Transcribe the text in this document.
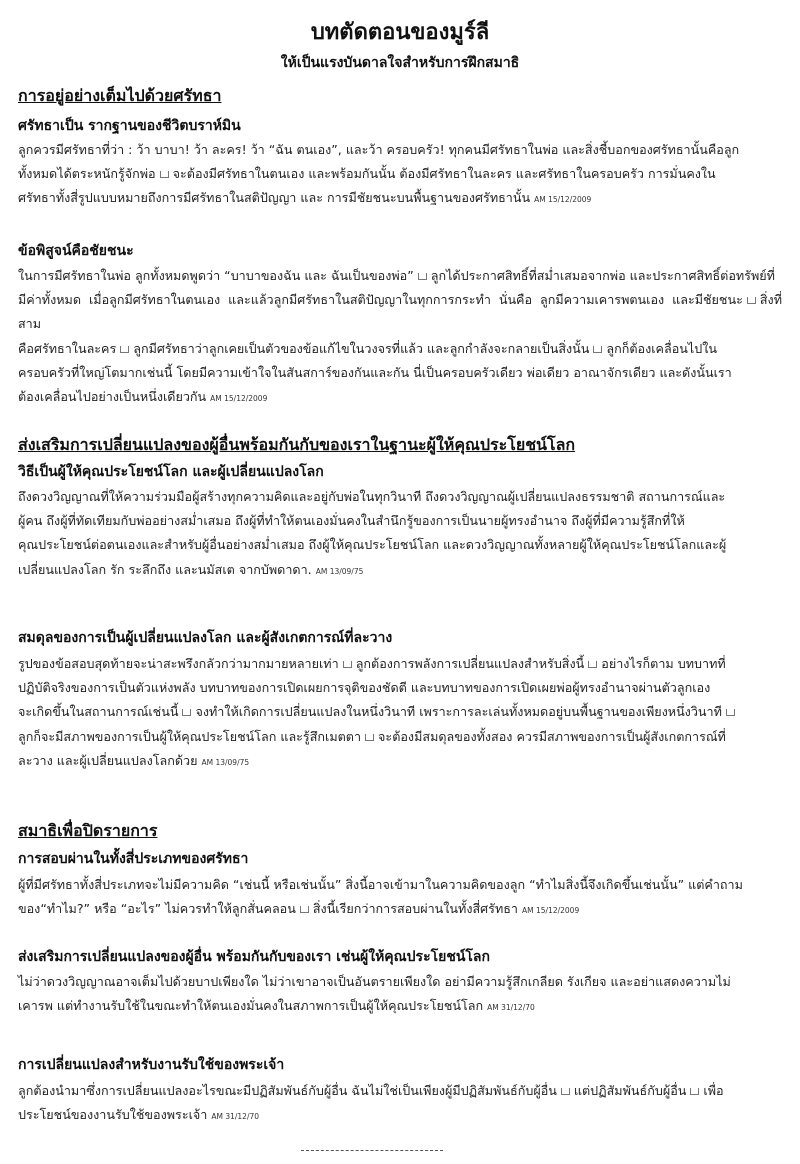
บทตัดตอนของมูร์ลี
ให้เป็นแรงบันดาลใจสำหรับการฝึกสมาธิ
การอยู่อย่างเต็มไปด้วยศรัทธา
ศรัทธาเป็น รากฐานของชีวิตบราห์มิน
ลูกควรมีศรัทธาที่ว่า : ว้า บาบา! ว้า ละคร! ว้า “ฉัน ตนเอง”, และว้า ครอบครัว! ทุกคนมีศรัทธาในพ่อ และสิ่งชี้บอกของศรัทธานั้นคือลูก
ทั้งหมดได้ตระหนักรู้จักพ่อ จะต้องมีศรัทธาในตนเอง และพร้อมกันนั้น ต้องมีศรัทธาในละคร และศรัทธาในครอบครัว การมั่นคงใน
ศรัทธาทั้งสี่รูปแบบหมายถึงการมีศรัทธาในสติปัญญา และ การมีชัยชนะบนพื้นฐานของศรัทธานั้น AM 15/12/2009
ข้อพิสูจน์คือชัยชนะ
ในการมีศรัทธาในพ่อ ลูกทั้งหมดพูดว่า “บาบาของฉัน และ ฉันเป็นของพ่อ” ลูกได้ประกาศสิทธิ์ที่สม่ำเสมอจากพ่อ และประกาศสิทธิ์ต่อทรัพย์ที่
มีค่าทั้งหมด เมื่อลูกมีศรัทธาในตนเอง และแล้วลูกมีศรัทธาในสติปัญญาในทุกการกระทำ นั่นคือ ลูกมีความเคารพตนเอง และมีชัยชนะ สิ่งที่สาม
คือศรัทธาในละคร ลูกมีศรัทธาว่าลูกเคยเป็นตัวของข้อแก้ไขในวงจรที่แล้ว และลูกกำลังจะกลายเป็นสิ่งนั้น ลูกก็ต้องเคลื่อนไปใน
ครอบครัวที่ใหญ่โตมากเช่นนี้ โดยมีความเข้าใจในสันสการ์ของกันและกัน นี่เป็นครอบครัวเดียว พ่อเดียว อาณาจักรเดียว และดังนั้นเรา
ต้องเคลื่อนไปอย่างเป็นหนึ่งเดียวกัน AM 15/12/2009
ส่งเสริมการเปลี่ยนแปลงของผู้อื่นพร้อมกันกับของเราในฐานะผู้ให้คุณประโยชน์โลก
วิธีเป็นผู้ให้คุณประโยชน์โลก และผู้เปลี่ยนแปลงโลก
ถึงดวงวิญญาณที่ให้ความร่วมมือผู้สร้างทุกความคิดและอยู่กับพ่อในทุกวินาที ถึงดวงวิญญาณผู้เปลี่ยนแปลงธรรมชาติ สถานการณ์และ
ผู้คน ถึงผู้ที่ทัดเทียมกับพ่ออย่างสม่ำเสมอ ถึงผู้ที่ทำให้ตนเองมั่นคงในสำนึกรู้ของการเป็นนายผู้ทรงอำนาจ ถึงผู้ที่มีความรู้สึกที่ให้
คุณประโยชน์ต่อตนเองและสำหรับผู้อื่นอย่างสม่ำเสมอ ถึงผู้ให้คุณประโยชน์โลก และดวงวิญญาณทั้งหลายผู้ให้คุณประโยชน์โลกและผู้
เปลี่ยนแปลงโลก รัก ระลึกถึง และนมัสเต จากบัพดาดา. AM 13/09/75
สมดุลของการเป็นผู้เปลี่ยนแปลงโลก และผู้สังเกตการณ์ที่ละวาง
รูปของข้อสอบสุดท้ายจะน่าสะพรึงกลัวกว่ามากมายหลายเท่า ลูกต้องการพลังการเปลี่ยนแปลงสำหรับสิ่งนี้ อย่างไรก็ตาม บทบาทที่
ปฏิบัติจริงของการเป็นตัวแห่งพลัง บทบาทของการเปิดเผยการจุติของชัดตี และบทบาทของการเปิดเผยพ่อผู้ทรงอำนาจผ่านตัวลูกเอง
จะเกิดขึ้นในสถานการณ์เช่นนี้ จงทำให้เกิดการเปลี่ยนแปลงในหนึ่งวินาที เพราะการละเล่นทั้งหมดอยู่บนพื้นฐานของเพียงหนึ่งวินาที
ลูกก็จะมีสภาพของการเป็นผู้ให้คุณประโยชน์โลก และรู้สึกเมตตา จะต้องมีสมดุลของทั้งสอง ควรมีสภาพของการเป็นผู้สังเกตการณ์ที่
ละวาง และผู้เปลี่ยนแปลงโลกด้วย AM 13/09/75
สมาธิเพื่อปิดรายการ
การสอบผ่านในทั้งสี่ประเภทของศรัทธา
ผู้ที่มีศรัทธาทั้งสี่ประเภทจะไม่มีความคิด “เช่นนี้ หรือเช่นนั้น” สิ่งนี้อาจเข้ามาในความคิดของลูก “ทำไมสิ่งนี้จึงเกิดขึ้นเช่นนั้น” แต่คำถาม
ของ“ทำไม?” หรือ “อะไร” ไม่ควรทำให้ลูกสั่นคลอน สิ่งนี้เรียกว่าการสอบผ่านในทั้งสี่ศรัทธา AM 15/12/2009
ส่งเสริมการเปลี่ยนแปลงของผู้อื่น พร้อมกันกับของเรา เช่นผู้ให้คุณประโยชน์โลก
ไม่ว่าดวงวิญญาณอาจเต็มไปด้วยบาปเพียงใด ไม่ว่าเขาอาจเป็นอันตรายเพียงใด อย่ามีความรู้สึกเกลียด รังเกียจ และอย่าแสดงความไม่
เคารพ แต่ทำงานรับใช้ในขณะทำให้ตนเองมั่นคงในสภาพการเป็นผู้ให้คุณประโยชน์โลก AM 31/12/70
การเปลี่ยนแปลงสำหรับงานรับใช้ของพระเจ้า
ลูกต้องนำมาซึ่งการเปลี่ยนแปลงอะไรขณะมีปฏิสัมพันธ์กับผู้อื่น ฉันไม่ใช่เป็นเพียงผู้มีปฏิสัมพันธ์กับผู้อื่น แต่ปฏิสัมพันธ์กับผู้อื่น เพื่อ
ประโยชน์ของงานรับใช้ของพระเจ้า AM 31/12/70
